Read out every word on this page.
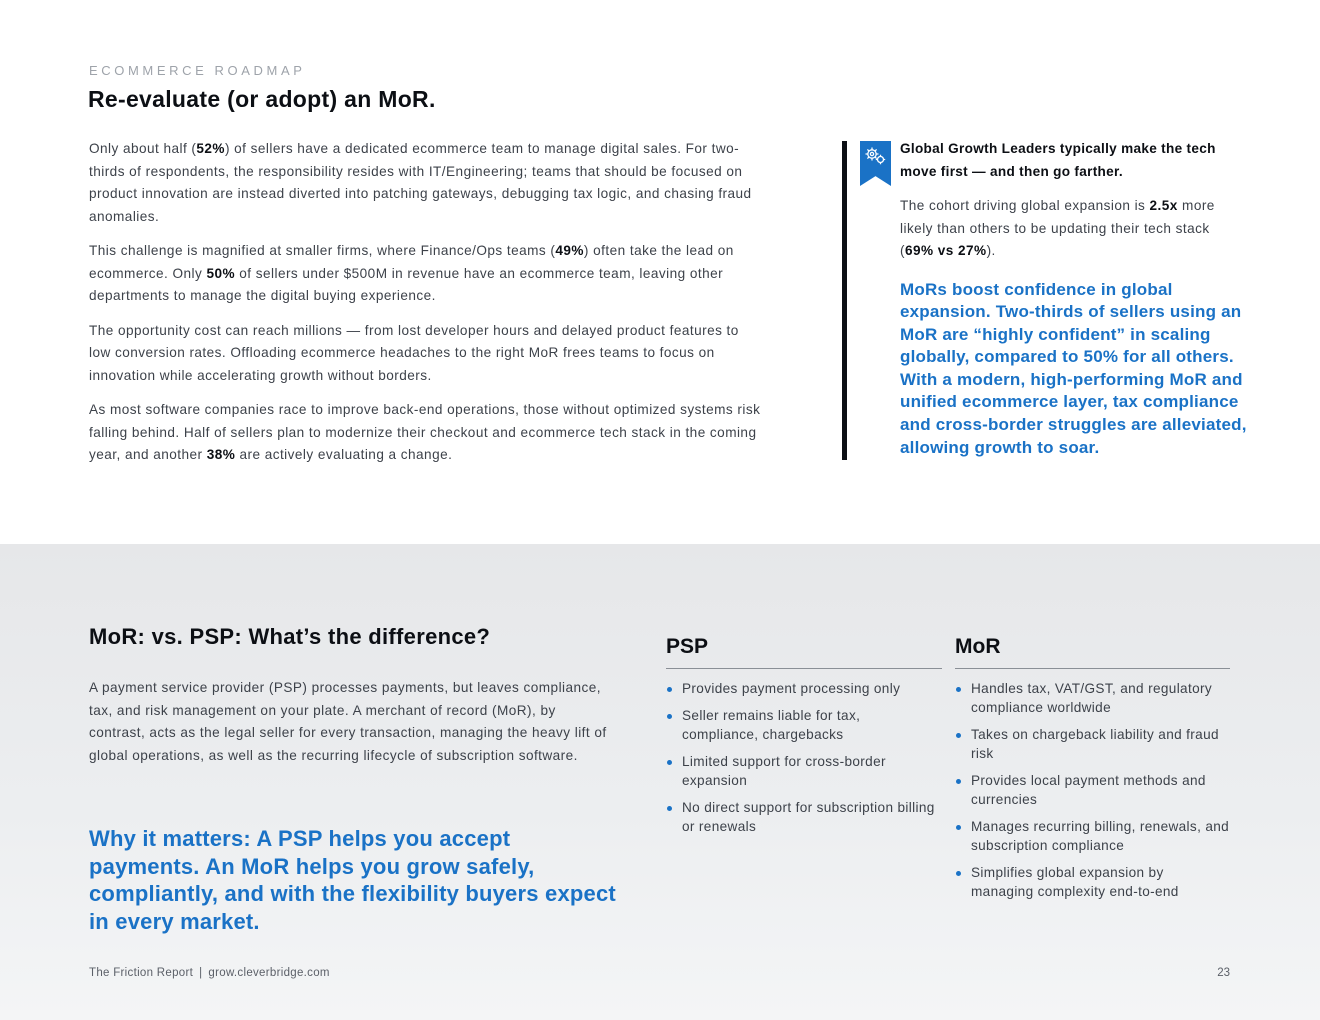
ECOMMERCE ROADMAP
Re-evaluate (or adopt) an MoR.

Only about half (52%) of sellers have a dedicated ecommerce team to manage digital sales. For two-thirds of respondents, the responsibility resides with IT/Engineering; teams that should be focused on product innovation are instead diverted into patching gateways, debugging tax logic, and chasing fraud anomalies.

This challenge is magnified at smaller firms, where Finance/Ops teams (49%) often take the lead on ecommerce. Only 50% of sellers under $500M in revenue have an ecommerce team, leaving other departments to manage the digital buying experience.

The opportunity cost can reach millions — from lost developer hours and delayed product features to low conversion rates. Offloading ecommerce headaches to the right MoR frees teams to focus on innovation while accelerating growth without borders.

As most software companies race to improve back-end operations, those without optimized systems risk falling behind. Half of sellers plan to modernize their checkout and ecommerce tech stack in the coming year, and another 38% are actively evaluating a change.

Global Growth Leaders typically make the tech move first — and then go farther.

The cohort driving global expansion is 2.5x more likely than others to be updating their tech stack (69% vs 27%).

MoRs boost confidence in global expansion. Two-thirds of sellers using an MoR are “highly confident” in scaling globally, compared to 50% for all others. With a modern, high-performing MoR and unified ecommerce layer, tax compliance and cross-border struggles are alleviated, allowing growth to soar.

MoR: vs. PSP: What’s the difference?

A payment service provider (PSP) processes payments, but leaves compliance, tax, and risk management on your plate. A merchant of record (MoR), by contrast, acts as the legal seller for every transaction, managing the heavy lift of global operations, as well as the recurring lifecycle of subscription software.

Why it matters: A PSP helps you accept payments. An MoR helps you grow safely, compliantly, and with the flexibility buyers expect in every market.

PSP
Provides payment processing only
Seller remains liable for tax, compliance, chargebacks
Limited support for cross-border expansion
No direct support for subscription billing or renewals
MoR
Handles tax, VAT/GST, and regulatory compliance worldwide
Takes on chargeback liability and fraud risk
Provides local payment methods and currencies
Manages recurring billing, renewals, and subscription compliance
Simplifies global expansion by managing complexity end-to-end
The Friction Report | grow.cleverbridge.com	23
